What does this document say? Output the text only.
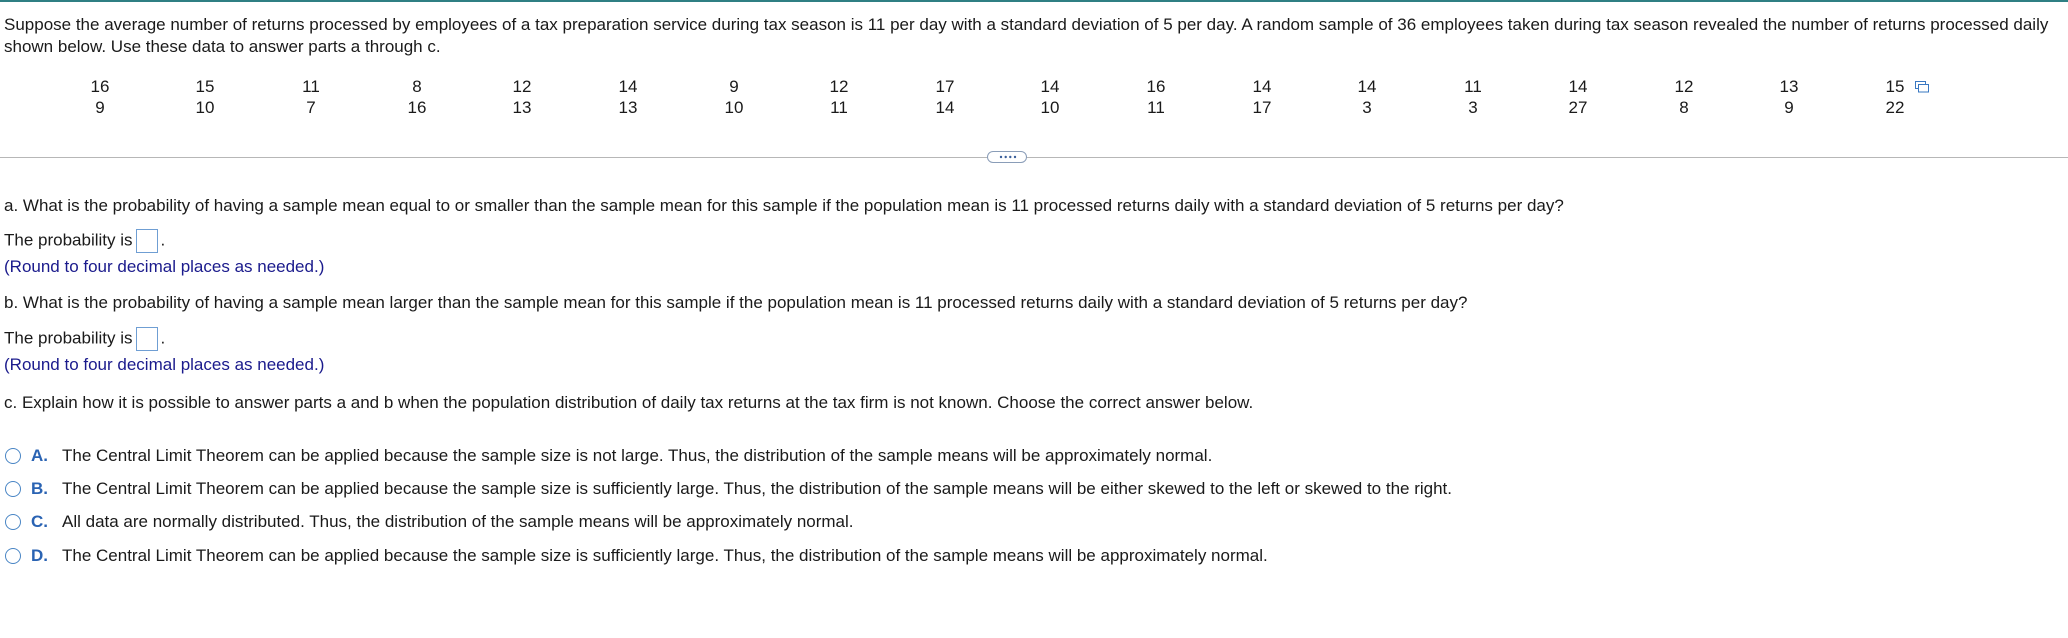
Suppose the average number of returns processed by employees of a tax preparation service during tax season is 11 per day with a standard deviation of 5 per day. A random sample of 36 employees taken during tax season revealed the number of returns processed daily shown below. Use these data to answer parts a through c.
16
9
15
10
11
7
8
16
12
13
14
13
9
10
12
11
17
14
14
10
16
11
14
17
14
3
11
3
14
27
12
8
13
9
15
22
a. What is the probability of having a sample mean equal to or smaller than the sample mean for this sample if the population mean is 11 processed returns daily with a standard deviation of 5 returns per day?
The probability is .
(Round to four decimal places as needed.)
b. What is the probability of having a sample mean larger than the sample mean for this sample if the population mean is 11 processed returns daily with a standard deviation of 5 returns per day?
The probability is .
(Round to four decimal places as needed.)
c. Explain how it is possible to answer parts a and b when the population distribution of daily tax returns at the tax firm is not known. Choose the correct answer below.
A. The Central Limit Theorem can be applied because the sample size is not large. Thus, the distribution of the sample means will be approximately normal.
B. The Central Limit Theorem can be applied because the sample size is sufficiently large. Thus, the distribution of the sample means will be either skewed to the left or skewed to the right.
C. All data are normally distributed. Thus, the distribution of the sample means will be approximately normal.
D. The Central Limit Theorem can be applied because the sample size is sufficiently large. Thus, the distribution of the sample means will be approximately normal.
